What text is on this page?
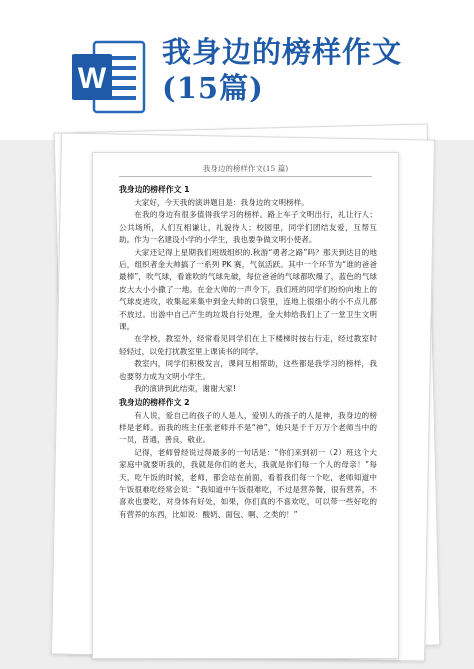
W
我身边的榜样作文
(15篇)
我身边的榜样作文(15 篇)
我身边的榜样作文 1

大家好，今天我的演讲题目是：我身边的文明榜样。

在我的身边有很多值得我学习的榜样。路上车子文明出行，礼让行人；公共场所，人们互相谦让，礼貌待人；校园里，同学们团结友爱，互帮互助。作为一名建设小学的小学生，我也要争做文明小使者。

大家还记得上星期我们班级组织的.秋游“勇者之路”吗？那天到达目的地后，组织者金大帅搞了一系列 PK 赛，气氛活跃。其中一个环节为“谁的爸爸最棒”，吹气球，看谁吹的气球先破，每位爸爸的气球都吹爆了，蓝色的气球皮大大小小撒了一地。在金大帅的一声令下，我们班的同学们纷纷向地上的气球皮进攻，收集起来集中到金大帅的口袋里，连地上很细小的小不点儿都不放过。出游中自己产生的垃圾自行处理，金大帅给我们上了一堂卫生文明课。

在学校，教室外，经常看见同学们在上下楼梯时按右行走，经过教室时轻轻过，以免打扰教室里上课读书的同学。

教室内，同学们积极发言，课间互相帮助，这些都是我学习的榜样，我也要努力成为文明小学生。

我的演讲到此结束，谢谢大家!

我身边的榜样作文 2

有人说，爱自己的孩子的人是人，爱别人的孩子的人是神，我身边的榜样是老师。而我的班主任张老师并不是“神”，她只是千千万万个老师当中的一员，普通，善良，敬业。

记得，老师曾经说过得最多的一句话是：“你们来到初一（2）班这个大家庭中就要听我的，我就是你们的老大，我就是你们每一个人的母亲！”每天，吃午饭的时候，老师，都会站在前面，看着我们每一个吃，老师知道中午饭很难吃经常会说：“我知道中午饭很难吃，不过是营养餐，很有营养，不喜欢也要吃，对身体有好处，如果，你们真的不喜欢吃，可以带一些好吃的有营养的东西，比如说：酸奶、面包、啊、之类的！”
